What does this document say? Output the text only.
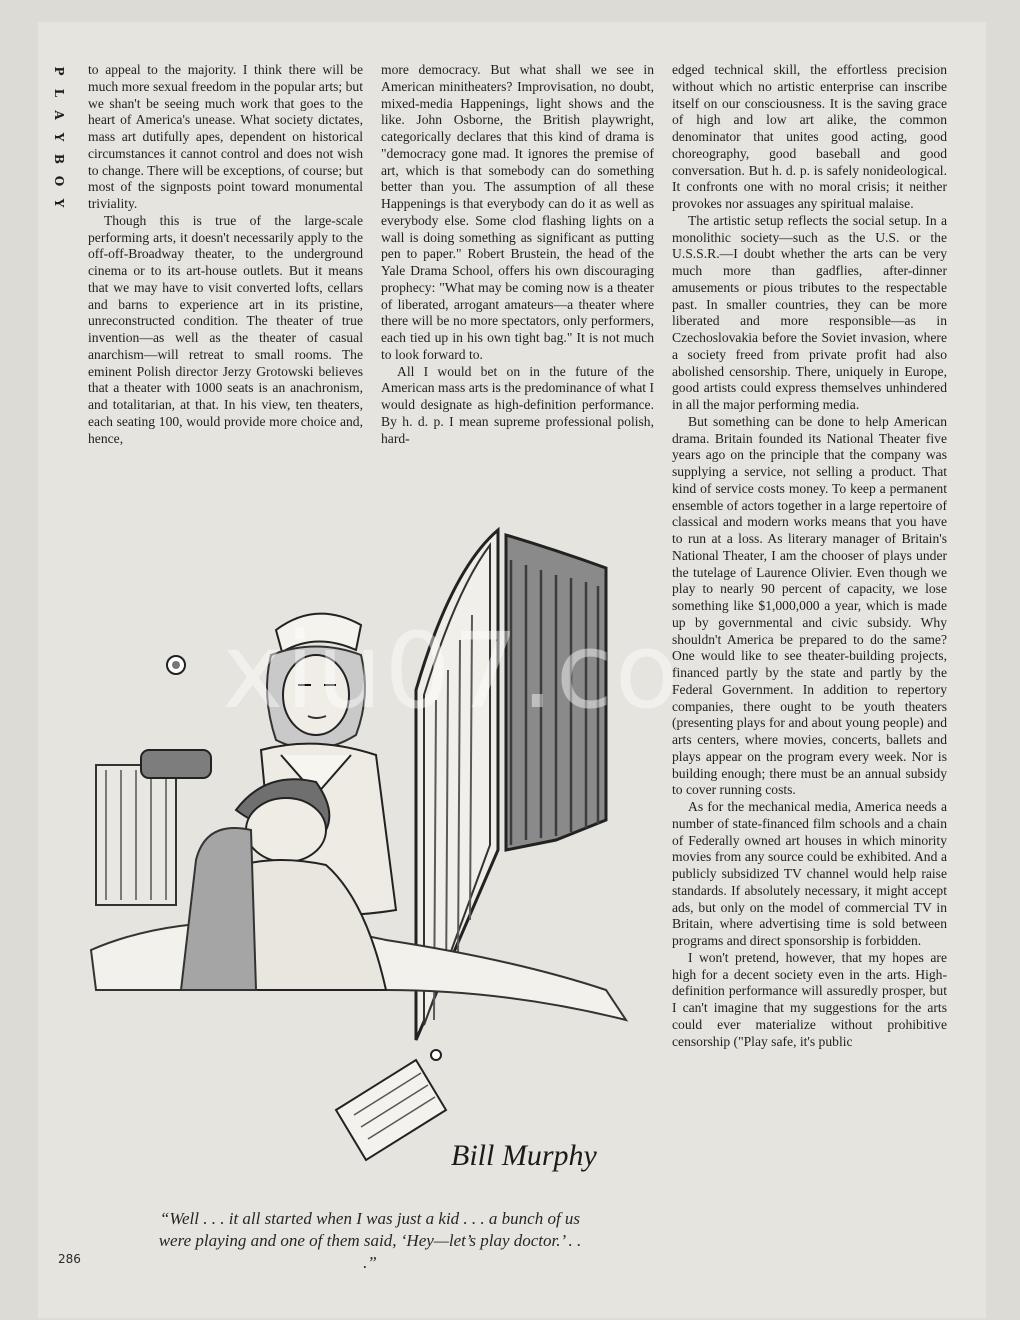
P
L
A
Y
B
O
Y

to appeal to the majority. I think there will be much more sexual freedom in the popular arts; but we shan't be seeing much work that goes to the heart of America's unease. What society dictates, mass art dutifully apes, dependent on historical circumstances it cannot control and does not wish to change. There will be exceptions, of course; but most of the signposts point toward monumental triviality.

Though this is true of the large-scale performing arts, it doesn't necessarily apply to the off-off-Broadway theater, to the underground cinema or to its art-house outlets. But it means that we may have to visit converted lofts, cellars and barns to experience art in its pristine, unreconstructed condition. The theater of true invention—as well as the theater of casual anarchism—will retreat to small rooms. The eminent Polish director Jerzy Grotowski believes that a theater with 1000 seats is an anachronism, and totalitarian, at that. In his view, ten theaters, each seating 100, would provide more choice and, hence,

more democracy. But what shall we see in American minitheaters? Improvisation, no doubt, mixed-media Happenings, light shows and the like. John Osborne, the British playwright, categorically declares that this kind of drama is "democracy gone mad. It ignores the premise of art, which is that somebody can do something better than you. The assumption of all these Happenings is that everybody can do it as well as everybody else. Some clod flashing lights on a wall is doing something as significant as putting pen to paper." Robert Brustein, the head of the Yale Drama School, offers his own discouraging prophecy: "What may be coming now is a theater of liberated, arrogant amateurs—a theater where there will be no more spectators, only performers, each tied up in his own tight bag." It is not much to look forward to.

All I would bet on in the future of the American mass arts is the predominance of what I would designate as high-definition performance. By h. d. p. I mean supreme professional polish, hard-

edged technical skill, the effortless precision without which no artistic enterprise can inscribe itself on our consciousness. It is the saving grace of high and low art alike, the common denominator that unites good acting, good choreography, good baseball and good conversation. But h. d. p. is safely nonideological. It confronts one with no moral crisis; it neither provokes nor assuages any spiritual malaise.

The artistic setup reflects the social setup. In a monolithic society—such as the U.S. or the U.S.S.R.—I doubt whether the arts can be very much more than gadflies, after-dinner amusements or pious tributes to the respectable past. In smaller countries, they can be more liberated and more responsible—as in Czechoslovakia before the Soviet invasion, where a society freed from private profit had also abolished censorship. There, uniquely in Europe, good artists could express themselves unhindered in all the major performing media.

But something can be done to help American drama. Britain founded its National Theater five years ago on the principle that the company was supplying a service, not selling a product. That kind of service costs money. To keep a permanent ensemble of actors together in a large repertoire of classical and modern works means that you have to run at a loss. As literary manager of Britain's National Theater, I am the chooser of plays under the tutelage of Laurence Olivier. Even though we play to nearly 90 percent of capacity, we lose something like $1,000,000 a year, which is made up by governmental and civic subsidy. Why shouldn't America be prepared to do the same? One would like to see theater-building projects, financed partly by the state and partly by the Federal Government. In addition to repertory companies, there ought to be youth theaters (presenting plays for and about young people) and arts centers, where movies, concerts, ballets and plays appear on the program every week. Nor is building enough; there must be an annual subsidy to cover running costs.

As for the mechanical media, America needs a number of state-financed film schools and a chain of Federally owned art houses in which minority movies from any source could be exhibited. And a publicly subsidized TV channel would help raise standards. If absolutely necessary, it might accept ads, but only on the model of commercial TV in Britain, where advertising time is sold between programs and direct sponsorship is forbidden.

I won't pretend, however, that my hopes are high for a decent society even in the arts. High-definition performance will assuredly prosper, but I can't imagine that my suggestions for the arts could ever materialize without prohibitive censorship ("Play safe, it's public

Bill Murphy
xiu07.co
“Well . . . it all started when I was just a kid . . . a bunch of us were playing and one of them said, ‘Hey—let’s play doctor.’ . . .”
286
